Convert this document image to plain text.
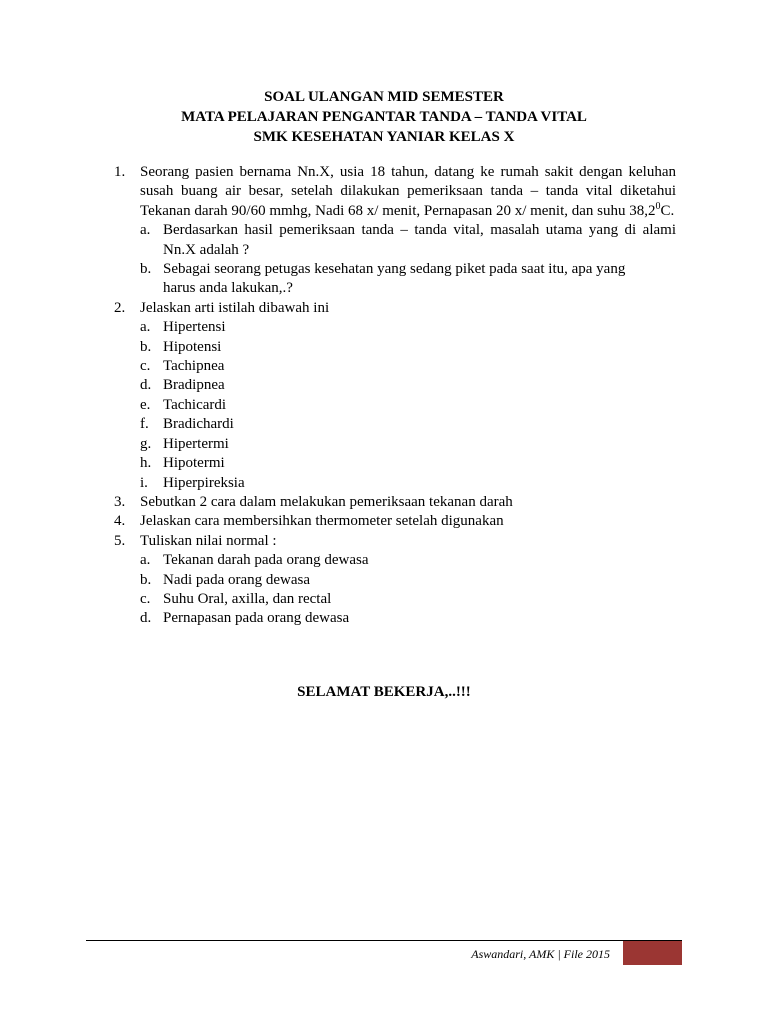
SOAL ULANGAN MID SEMESTER
MATA PELAJARAN PENGANTAR TANDA – TANDA VITAL
SMK KESEHATAN YANIAR KELAS X
1. Seorang pasien bernama Nn.X, usia 18 tahun, datang ke rumah sakit dengan keluhan susah buang air besar, setelah dilakukan pemeriksaan tanda – tanda vital diketahui Tekanan darah 90/60 mmhg, Nadi 68 x/ menit, Pernapasan 20 x/ menit, dan suhu 38,2$^0$C.
a. Berdasarkan hasil pemeriksaan tanda – tanda vital, masalah utama yang di alami Nn.X adalah ?
b. Sebagai seorang petugas kesehatan yang sedang piket pada saat itu, apa yang
harus anda lakukan,.?
2. Jelaskan arti istilah dibawah ini
a. Hipertensi
b. Hipotensi
c. Tachipnea
d. Bradipnea
e. Tachicardi
f. Bradichardi
g. Hipertermi
h. Hipotermi
i. Hiperpireksia
3. Sebutkan 2 cara dalam melakukan pemeriksaan tekanan darah
4. Jelaskan cara membersihkan thermometer setelah digunakan
5. Tuliskan nilai normal :
a. Tekanan darah pada orang dewasa
b. Nadi pada orang dewasa
c. Suhu Oral, axilla, dan rectal
d. Pernapasan pada orang dewasa
SELAMAT BEKERJA,..!!!
Aswandari, AMK | File 2015
